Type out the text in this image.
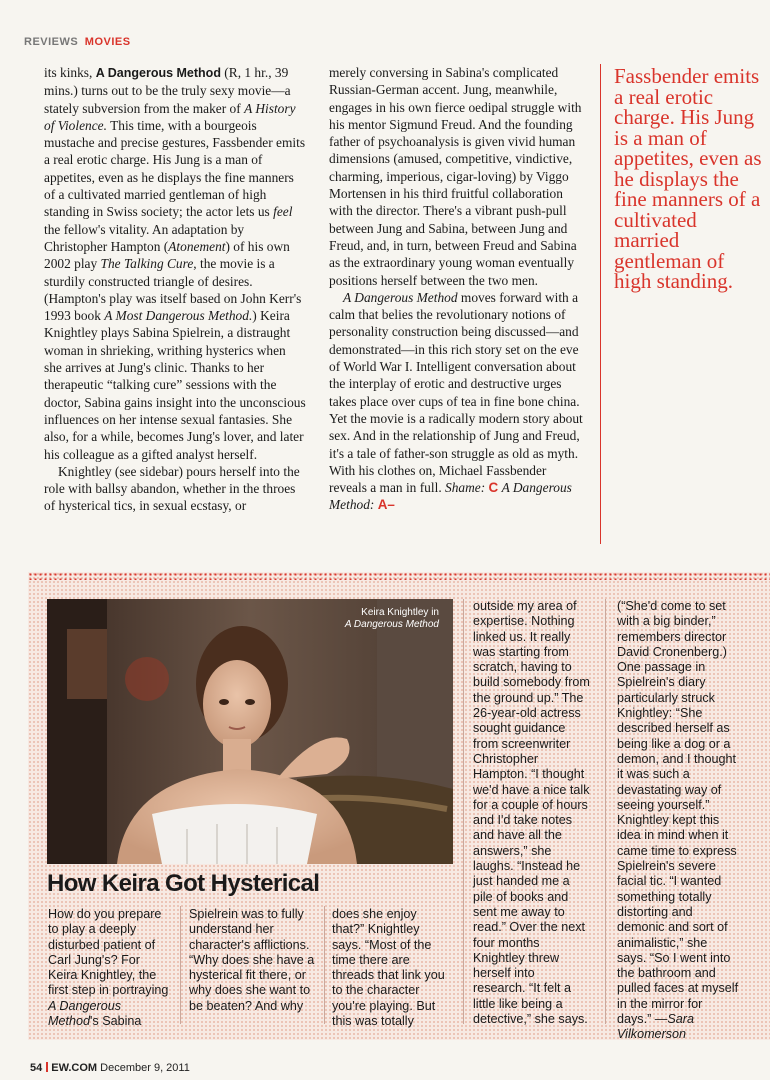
REVIEWS MOVIES

its kinks, A Dangerous Method (R, 1 hr., 39 mins.) turns out to be the truly sexy movie—a stately subversion from the maker of A History of Violence. This time, with a bourgeois mustache and precise gestures, Fassbender emits a real erotic charge. His Jung is a man of appetites, even as he displays the fine manners of a cultivated married gentleman of high standing in Swiss society; the actor lets us feel the fellow's vitality. An adaptation by Christopher Hampton (Atonement) of his own 2002 play The Talking Cure, the movie is a sturdily constructed triangle of desires. (Hampton's play was itself based on John Kerr's 1993 book A Most Dangerous Method.) Keira Knightley plays Sabina Spielrein, a distraught woman in shrieking, writhing hysterics when she arrives at Jung's clinic. Thanks to her therapeutic “talking cure” sessions with the doctor, Sabina gains insight into the unconscious influences on her intense sexual fantasies. She also, for a while, becomes Jung's lover, and later his colleague as a gifted analyst herself.

Knightley (see sidebar) pours herself into the role with ballsy abandon, whether in the throes of hysterical tics, in sexual ecstasy, or

merely conversing in Sabina's complicated Russian-German accent. Jung, meanwhile, engages in his own fierce oedipal struggle with his mentor Sigmund Freud. And the founding father of psychoanalysis is given vivid human dimensions (amused, competitive, vindictive, charming, imperious, cigar-loving) by Viggo Mortensen in his third fruitful collaboration with the director. There's a vibrant push-pull between Jung and Sabina, between Jung and Freud, and, in turn, between Freud and Sabina as the extraordinary young woman eventually positions herself between the two men.

A Dangerous Method moves forward with a calm that belies the revolutionary notions of personality construction being discussed—and demonstrated—in this rich story set on the eve of World War I. Intelligent conversation about the interplay of erotic and destructive urges takes place over cups of tea in fine bone china. Yet the movie is a radically modern story about sex. And in the relationship of Jung and Freud, it's a tale of father-son struggle as old as myth. With his clothes on, Michael Fassbender reveals a man in full. Shame: C A Dangerous Method: A–

Fassbender emits a real erotic charge. His Jung is a man of appetites, even as he displays the fine manners of a cultivated married gentleman of high standing.
Keira Knightley in
A Dangerous Method
How Keira Got Hysterical

How do you prepare to play a deeply disturbed patient of Carl Jung's? For Keira Knightley, the first step in portraying A Dangerous Method's Sabina

Spielrein was to fully understand her character's afflictions. “Why does she have a hysterical fit there, or why does she want to be beaten? And why

does she enjoy that?” Knightley says. “Most of the time there are threads that link you to the character you're playing. But this was totally

outside my area of expertise. Nothing linked us. It really was starting from scratch, having to build somebody from the ground up.” The 26-year-old actress sought guidance from screenwriter Christopher Hampton. “I thought we'd have a nice talk for a couple of hours and I'd take notes and have all the answers,” she laughs. “Instead he just handed me a pile of books and sent me away to read.” Over the next four months Knightley threw herself into research. “It felt a little like being a detective,” she says.

(“She'd come to set with a big binder,” remembers director David Cronenberg.) One passage in Spielrein's diary particularly struck Knightley: “She described herself as being like a dog or a demon, and I thought it was such a devastating way of seeing yourself.” Knightley kept this idea in mind when it came time to express Spielrein's severe facial tic. “I wanted something totally distorting and demonic and sort of animalistic,” she says. “So I went into the bathroom and pulled faces at myself in the mirror for days.” —Sara Vilkomerson

54 EW.COM December 9, 2011
